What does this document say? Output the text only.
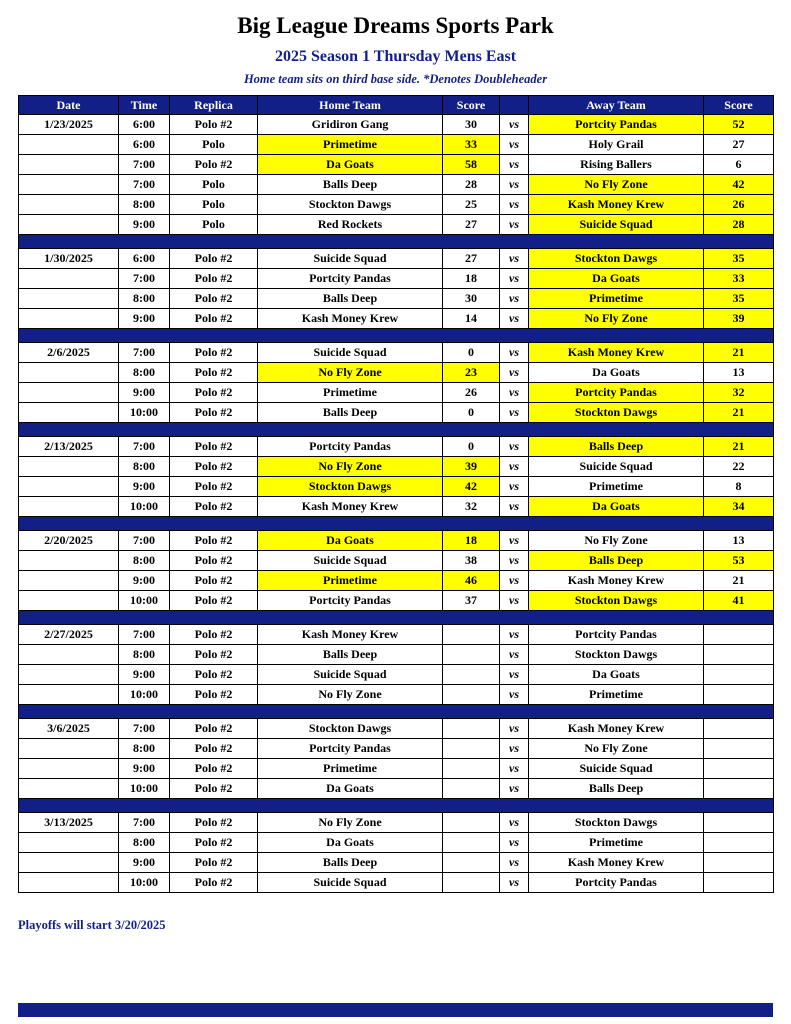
Big League Dreams Sports Park
2025 Season 1 Thursday Mens East
Home team sits on third base side. *Denotes Doubleheader
Date	Time	Replica	Home Team	Score		Away Team	Score
1/23/2025	6:00	Polo #2	Gridiron Gang	30	vs	Portcity Pandas	52
	6:00	Polo	Primetime	33	vs	Holy Grail	27
	7:00	Polo #2	Da Goats	58	vs	Rising Ballers	6
	7:00	Polo	Balls Deep	28	vs	No Fly Zone	42
	8:00	Polo	Stockton Dawgs	25	vs	Kash Money Krew	26
	9:00	Polo	Red Rockets	27	vs	Suicide Squad	28

1/30/2025	6:00	Polo #2	Suicide Squad	27	vs	Stockton Dawgs	35
	7:00	Polo #2	Portcity Pandas	18	vs	Da Goats	33
	8:00	Polo #2	Balls Deep	30	vs	Primetime	35
	9:00	Polo #2	Kash Money Krew	14	vs	No Fly Zone	39

2/6/2025	7:00	Polo #2	Suicide Squad	0	vs	Kash Money Krew	21
	8:00	Polo #2	No Fly Zone	23	vs	Da Goats	13
	9:00	Polo #2	Primetime	26	vs	Portcity Pandas	32
	10:00	Polo #2	Balls Deep	0	vs	Stockton Dawgs	21

2/13/2025	7:00	Polo #2	Portcity Pandas	0	vs	Balls Deep	21
	8:00	Polo #2	No Fly Zone	39	vs	Suicide Squad	22
	9:00	Polo #2	Stockton Dawgs	42	vs	Primetime	8
	10:00	Polo #2	Kash Money Krew	32	vs	Da Goats	34

2/20/2025	7:00	Polo #2	Da Goats	18	vs	No Fly Zone	13
	8:00	Polo #2	Suicide Squad	38	vs	Balls Deep	53
	9:00	Polo #2	Primetime	46	vs	Kash Money Krew	21
	10:00	Polo #2	Portcity Pandas	37	vs	Stockton Dawgs	41

2/27/2025	7:00	Polo #2	Kash Money Krew		vs	Portcity Pandas	
	8:00	Polo #2	Balls Deep		vs	Stockton Dawgs	
	9:00	Polo #2	Suicide Squad		vs	Da Goats	
	10:00	Polo #2	No Fly Zone		vs	Primetime	

3/6/2025	7:00	Polo #2	Stockton Dawgs		vs	Kash Money Krew	
	8:00	Polo #2	Portcity Pandas		vs	No Fly Zone	
	9:00	Polo #2	Primetime		vs	Suicide Squad	
	10:00	Polo #2	Da Goats		vs	Balls Deep	

3/13/2025	7:00	Polo #2	No Fly Zone		vs	Stockton Dawgs	
	8:00	Polo #2	Da Goats		vs	Primetime	
	9:00	Polo #2	Balls Deep		vs	Kash Money Krew	
	10:00	Polo #2	Suicide Squad		vs	Portcity Pandas	
Playoffs will start 3/20/2025
